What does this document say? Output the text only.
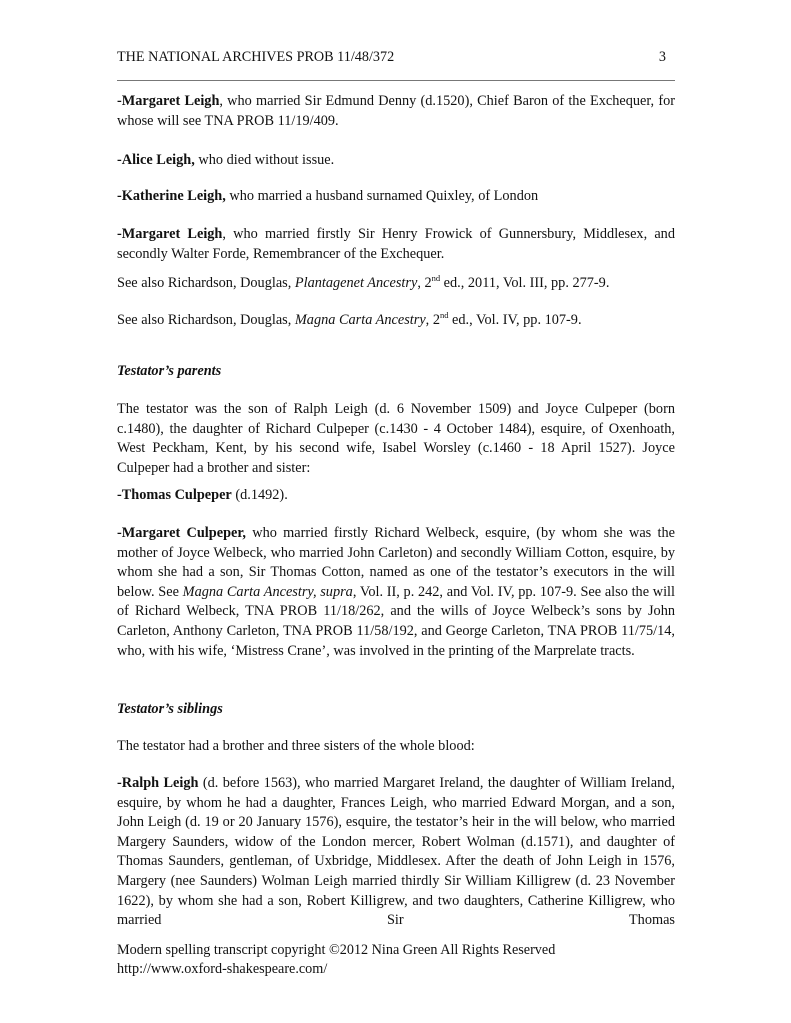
THE NATIONAL ARCHIVES PROB 11/48/372	3
-Margaret Leigh, who married Sir Edmund Denny (d.1520), Chief Baron of the Exchequer, for whose will see TNA PROB 11/19/409.
-Alice Leigh, who died without issue.
-Katherine Leigh, who married a husband surnamed Quixley, of London
-Margaret Leigh, who married firstly Sir Henry Frowick of Gunnersbury, Middlesex, and secondly Walter Forde, Remembrancer of the Exchequer.
See also Richardson, Douglas, Plantagenet Ancestry, 2nd ed., 2011, Vol. III, pp. 277-9.
See also Richardson, Douglas, Magna Carta Ancestry, 2nd ed., Vol. IV, pp. 107-9.
Testator’s parents
The testator was the son of Ralph Leigh (d. 6 November 1509) and Joyce Culpeper (born c.1480), the daughter of Richard Culpeper (c.1430 - 4 October 1484), esquire, of Oxenhoath, West Peckham, Kent, by his second wife, Isabel Worsley (c.1460 - 18 April 1527). Joyce Culpeper had a brother and sister:
-Thomas Culpeper (d.1492).
-Margaret Culpeper, who married firstly Richard Welbeck, esquire, (by whom she was the mother of Joyce Welbeck, who married John Carleton) and secondly William Cotton, esquire, by whom she had a son, Sir Thomas Cotton, named as one of the testator’s executors in the will below. See Magna Carta Ancestry, supra, Vol. II, p. 242, and Vol. IV, pp. 107-9. See also the will of Richard Welbeck, TNA PROB 11/18/262, and the wills of Joyce Welbeck’s sons by John Carleton, Anthony Carleton, TNA PROB 11/58/192, and George Carleton, TNA PROB 11/75/14, who, with his wife, ‘Mistress Crane’, was involved in the printing of the Marprelate tracts.
Testator’s siblings
The testator had a brother and three sisters of the whole blood:
-Ralph Leigh (d. before 1563), who married Margaret Ireland, the daughter of William Ireland, esquire, by whom he had a daughter, Frances Leigh, who married Edward Morgan, and a son, John Leigh (d. 19 or 20 January 1576), esquire, the testator’s heir in the will below, who married Margery Saunders, widow of the London mercer, Robert Wolman (d.1571), and daughter of Thomas Saunders, gentleman, of Uxbridge, Middlesex. After the death of John Leigh in 1576, Margery (nee Saunders) Wolman Leigh married thirdly Sir William Killigrew (d. 23 November 1622), by whom she had a son, Robert Killigrew, and two daughters, Catherine Killigrew, who married Sir Thomas
Modern spelling transcript copyright ©2012 Nina Green All Rights Reserved
http://www.oxford-shakespeare.com/
